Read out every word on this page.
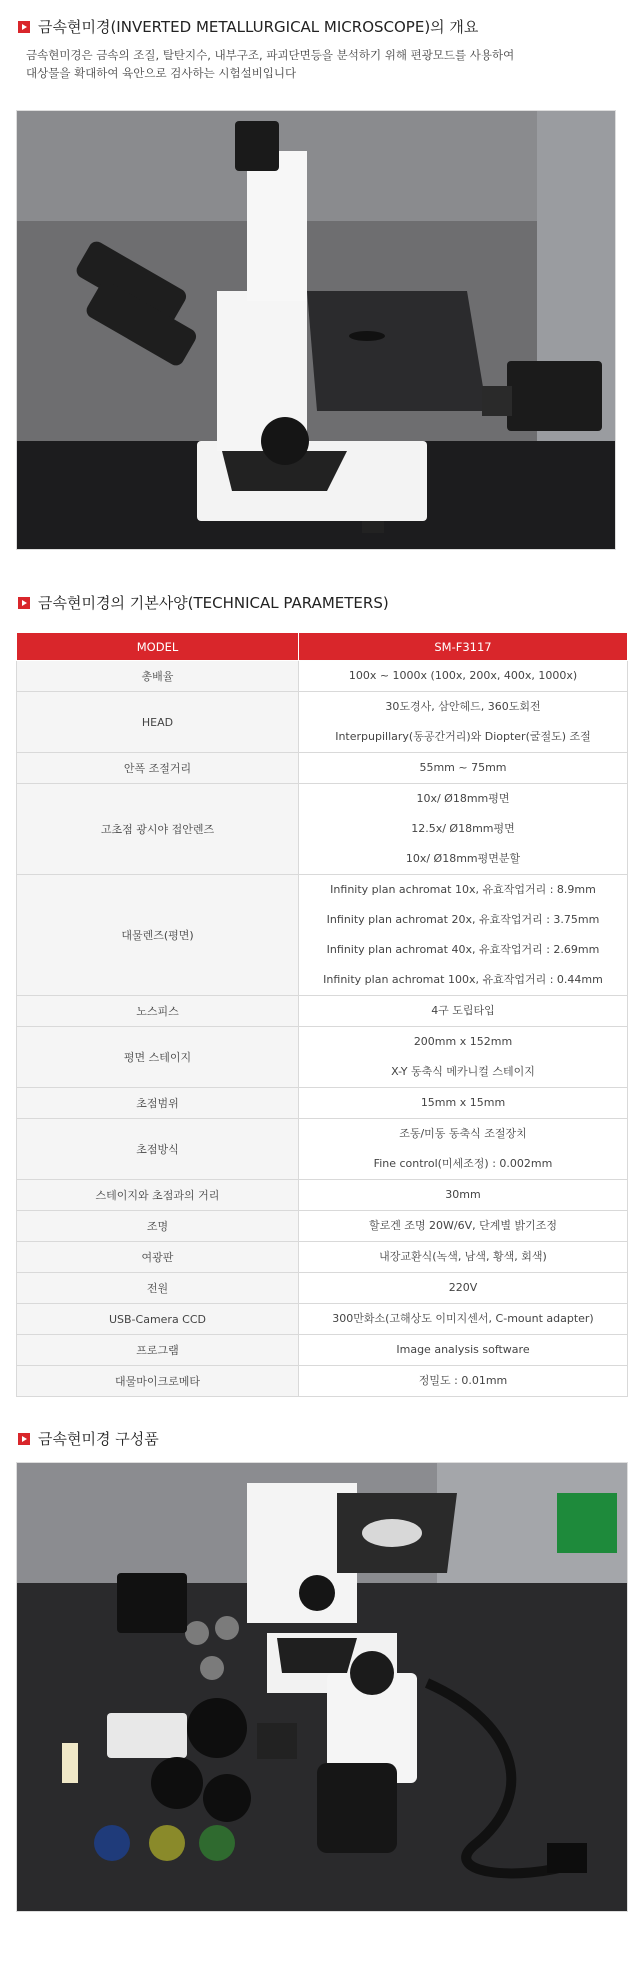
금속현미경(INVERTED METALLURGICAL MICROSCOPE)의 개요

금속현미경은 금속의 조질, 탈탄지수, 내부구조, 파괴단면등을 분석하기 위해 편광모드를 사용하여

대상물을 확대하여 육안으로 검사하는 시험설비입니다

금속현미경의 기본사양(TECHNICAL PARAMETERS)
MODEL	SM-F3117
총배율	100x ~ 1000x (100x, 200x, 400x, 1000x)

HEAD	30도경사, 삼안헤드, 360도회전
Interpupillary(동공간거리)와 Diopter(굴절도) 조절

안폭 조절거리	55mm ~ 75mm

고초점 광시야 접안렌즈	10x/ Ø18mm평면
12.5x/ Ø18mm평면
10x/ Ø18mm평면분할

대물렌즈(평면)	Infinity plan achromat 10x, 유효작업거리 : 8.9mm
Infinity plan achromat 20x, 유효작업거리 : 3.75mm
Infinity plan achromat 40x, 유효작업거리 : 2.69mm
Infinity plan achromat 100x, 유효작업거리 : 0.44mm

노스피스	4구 도립타입

평면 스테이지	200mm x 152mm
X-Y 동축식 메카니컬 스테이지

초점범위	15mm x 15mm

초점방식	조동/미동 동축식 조절장치
Fine control(미세조정) : 0.002mm

스테이지와 초점과의 거리	30mm

조명	할로겐 조명 20W/6V, 단계별 밝기조정

여광판	내장교환식(녹색, 남색, 황색, 회색)

전원	220V

USB-Camera CCD	300만화소(고해상도 이미지센서, C-mount adapter)

프로그램	Image analysis software

대물마이크로메타	정밀도 : 0.01mm
금속현미경 구성품
